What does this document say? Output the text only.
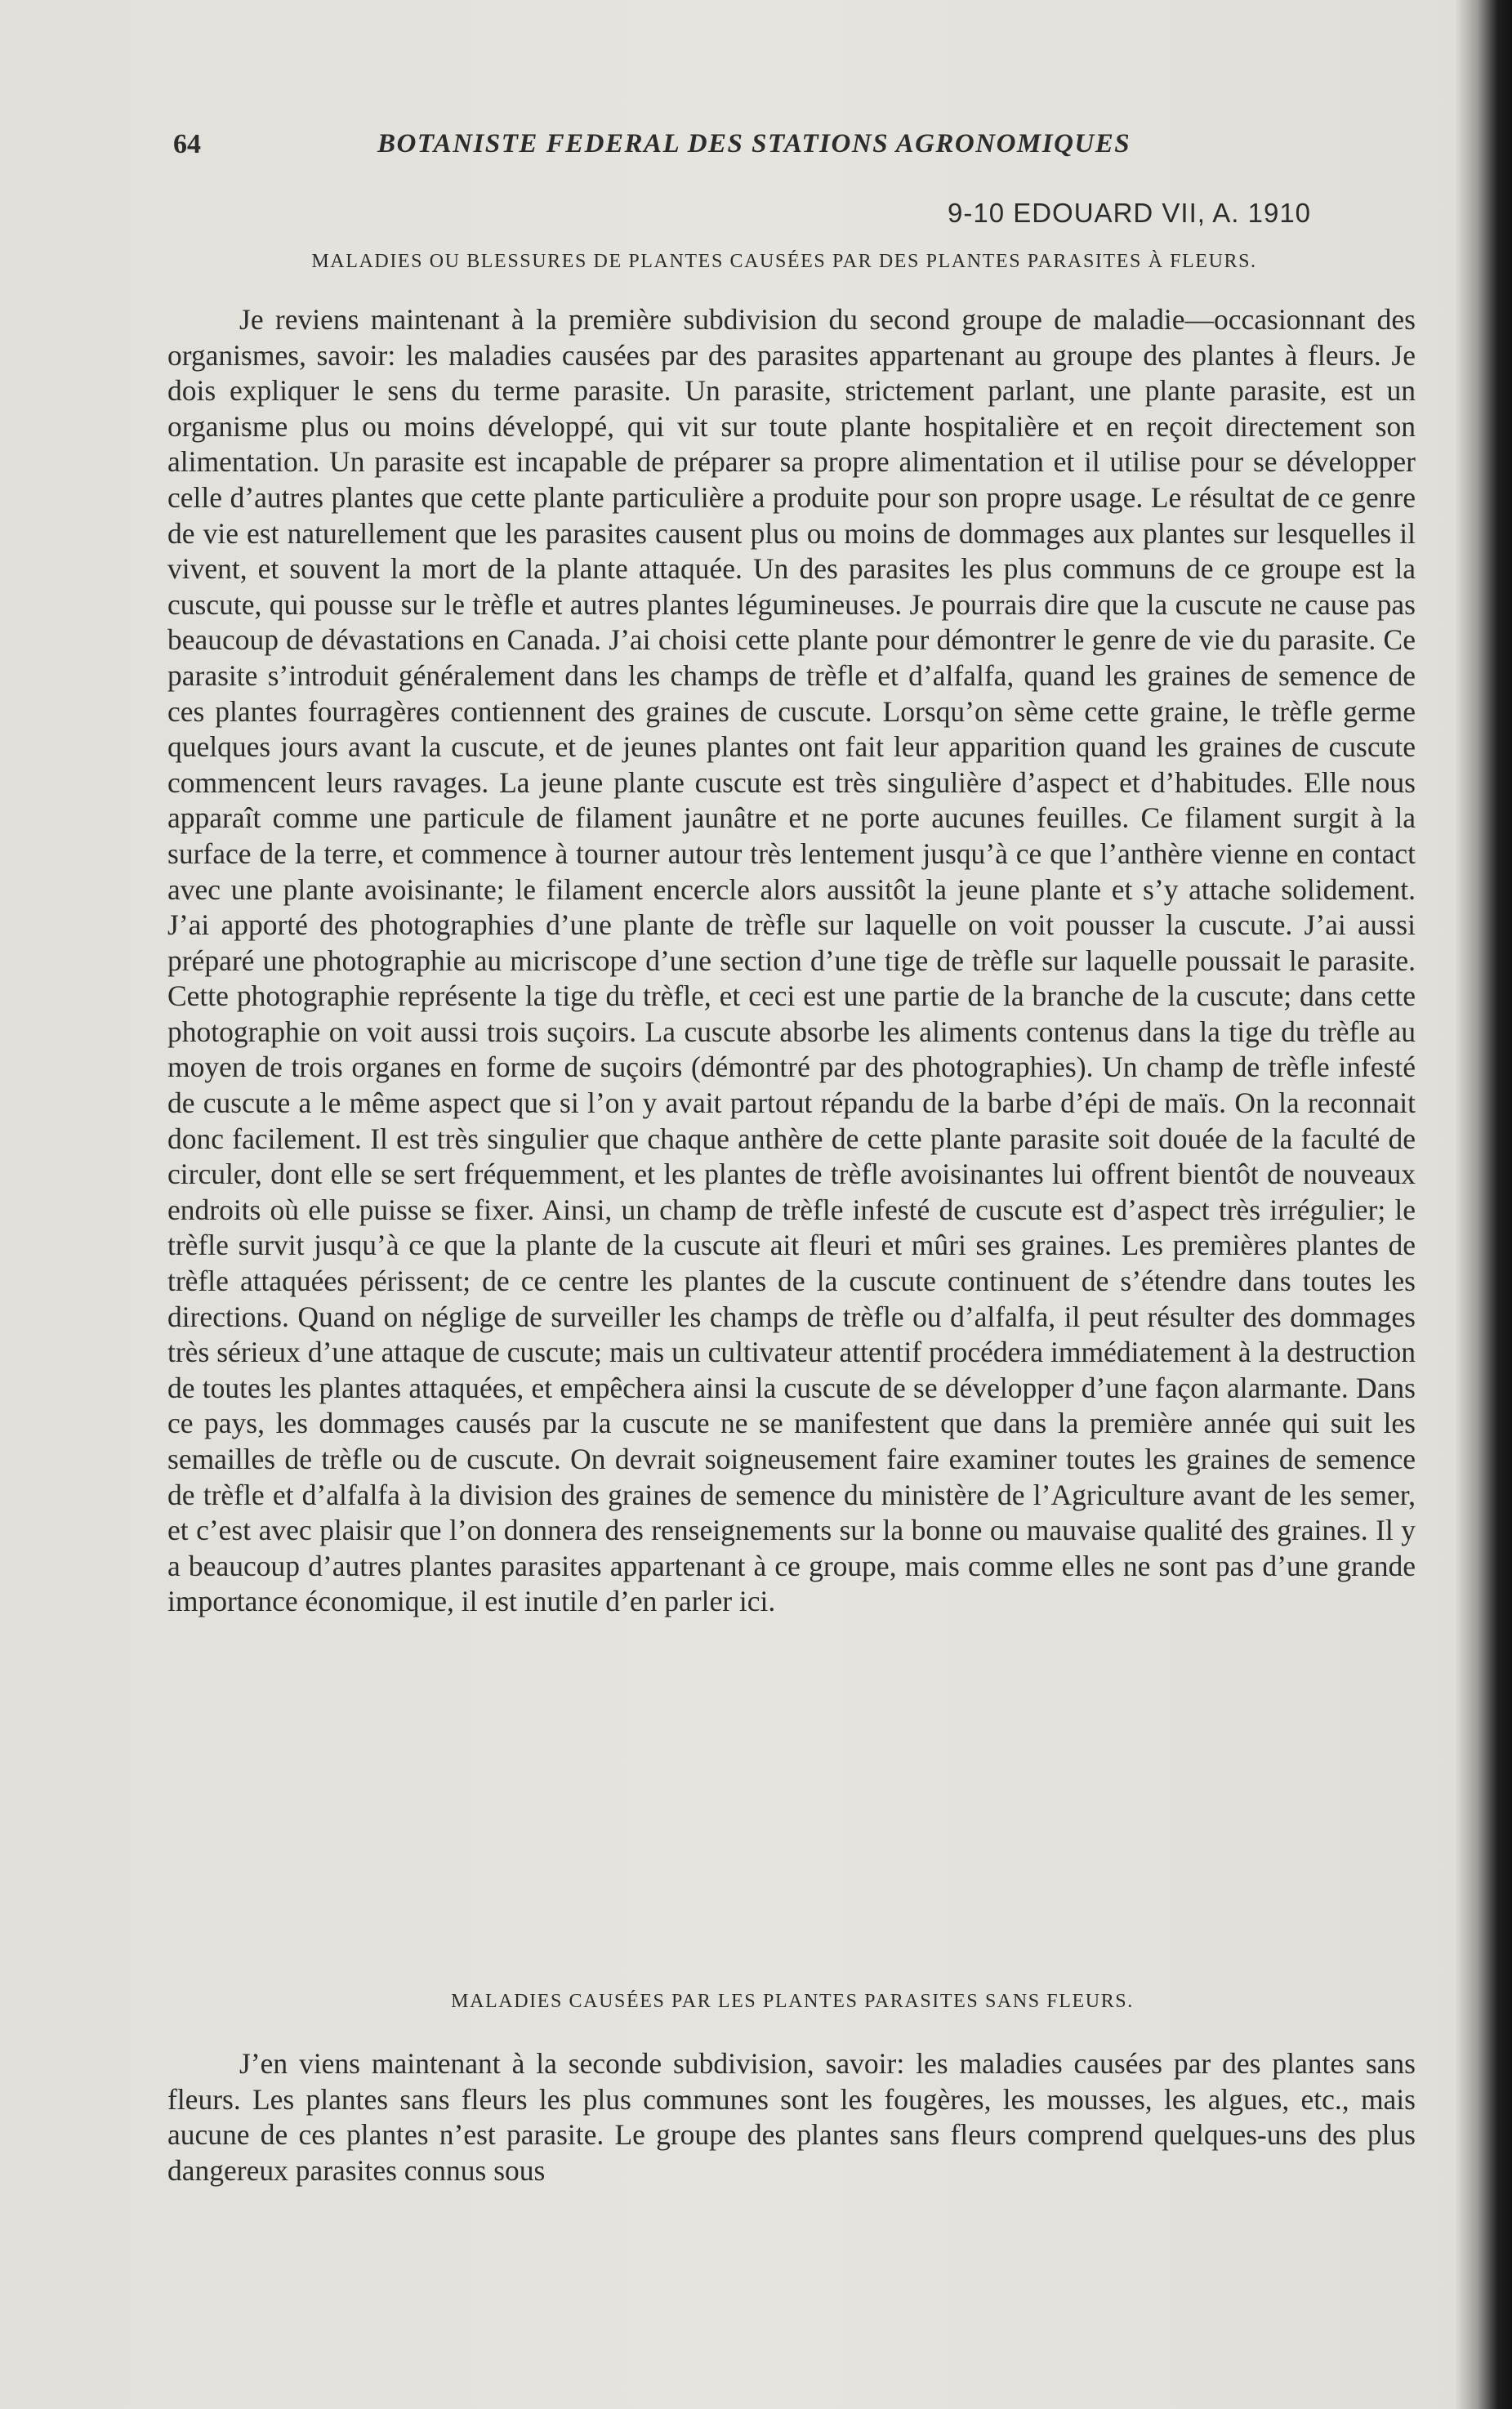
64	BOTANISTE FEDERAL DES STATIONS AGRONOMIQUES
9-10 EDOUARD VII, A. 1910
MALADIES OU BLESSURES DE PLANTES CAUSÉES PAR DES PLANTES PARASITES À FLEURS.

Je reviens maintenant à la première subdivision du second groupe de maladie—occasionnant des organismes, savoir: les maladies causées par des parasites appartenant au groupe des plantes à fleurs. Je dois expliquer le sens du terme parasite. Un parasite, strictement parlant, une plante parasite, est un organisme plus ou moins développé, qui vit sur toute plante hospitalière et en reçoit directement son alimentation. Un parasite est incapable de préparer sa propre alimentation et il utilise pour se développer celle d’autres plantes que cette plante particulière a produite pour son propre usage. Le résultat de ce genre de vie est naturellement que les parasites causent plus ou moins de dommages aux plantes sur lesquelles il vivent, et souvent la mort de la plante attaquée. Un des parasites les plus communs de ce groupe est la cuscute, qui pousse sur le trèfle et autres plantes légumineuses. Je pourrais dire que la cuscute ne cause pas beaucoup de dévastations en Canada. J’ai choisi cette plante pour démontrer le genre de vie du parasite. Ce parasite s’introduit généralement dans les champs de trèfle et d’alfalfa, quand les graines de semence de ces plantes fourragères contiennent des graines de cuscute. Lorsqu’on sème cette graine, le trèfle germe quelques jours avant la cuscute, et de jeunes plantes ont fait leur apparition quand les graines de cuscute commencent leurs ravages. La jeune plante cuscute est très singulière d’aspect et d’habitudes. Elle nous apparaît comme une particule de filament jaunâtre et ne porte aucunes feuilles. Ce filament surgit à la surface de la terre, et commence à tourner autour très lentement jusqu’à ce que l’anthère vienne en contact avec une plante avoisinante; le filament encercle alors aussitôt la jeune plante et s’y attache solidement. J’ai apporté des photographies d’une plante de trèfle sur laquelle on voit pousser la cuscute. J’ai aussi préparé une photographie au micriscope d’une section d’une tige de trèfle sur laquelle poussait le parasite. Cette photographie représente la tige du trèfle, et ceci est une partie de la branche de la cuscute; dans cette photographie on voit aussi trois suçoirs. La cuscute absorbe les aliments contenus dans la tige du trèfle au moyen de trois organes en forme de suçoirs (démontré par des photographies). Un champ de trèfle infesté de cuscute a le même aspect que si l’on y avait partout répandu de la barbe d’épi de maïs. On la reconnait donc facilement. Il est très singulier que chaque anthère de cette plante parasite soit douée de la faculté de circuler, dont elle se sert fréquemment, et les plantes de trèfle avoisinantes lui offrent bientôt de nouveaux endroits où elle puisse se fixer. Ainsi, un champ de trèfle infesté de cuscute est d’aspect très irrégulier; le trèfle survit jusqu’à ce que la plante de la cuscute ait fleuri et mûri ses graines. Les premières plantes de trèfle attaquées périssent; de ce centre les plantes de la cuscute continuent de s’étendre dans toutes les directions. Quand on néglige de surveiller les champs de trèfle ou d’alfalfa, il peut résulter des dommages très sérieux d’une attaque de cuscute; mais un cultivateur attentif procédera immédiatement à la destruction de toutes les plantes attaquées, et empêchera ainsi la cuscute de se développer d’une façon alarmante. Dans ce pays, les dommages causés par la cuscute ne se manifestent que dans la première année qui suit les semailles de trèfle ou de cuscute. On devrait soigneusement faire examiner toutes les graines de semence de trèfle et d’alfalfa à la division des graines de semence du ministère de l’Agriculture avant de les semer, et c’est avec plaisir que l’on donnera des renseignements sur la bonne ou mauvaise qualité des graines. Il y a beaucoup d’autres plantes parasites appartenant à ce groupe, mais comme elles ne sont pas d’une grande importance économique, il est inutile d’en parler ici.

MALADIES CAUSÉES PAR LES PLANTES PARASITES SANS FLEURS.

J’en viens maintenant à la seconde subdivision, savoir: les maladies causées par des plantes sans fleurs. Les plantes sans fleurs les plus communes sont les fougères, les mousses, les algues, etc., mais aucune de ces plantes n’est parasite. Le groupe des plantes sans fleurs comprend quelques-uns des plus dangereux parasites connus sous
